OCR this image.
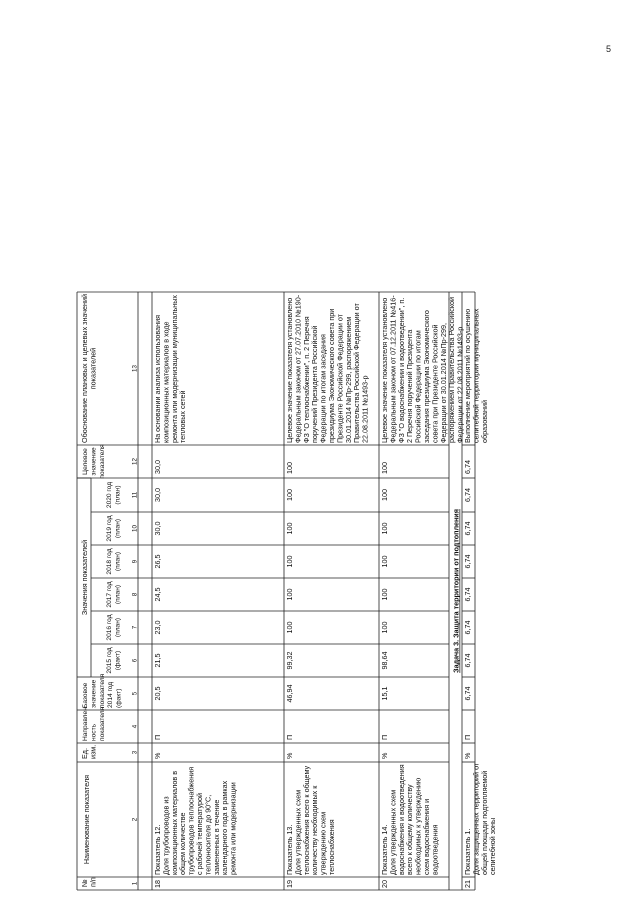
5
№ п/п
Наименование показателя
Ед. изм.
Направлен ность показателя
Базовое значение показателя 2014 год (факт)
Значения показателей
2015 год (факт)
2016 год (план)
2017 год (план)
2018 год (план)
2019 год (план)
2020 год (план)
Целевое значение показателя
Обоснование плановых и целевых значений показателей
1
2
3
4
5
6
7
8
9
10
11
12
13
18
Показатель 12. Доля трубопроводов из композиционных материалов в общем количестве трубопроводов теплоснабжения с рабочей температурой теплоносителя до 90°C, замененных в течение календарного года в рамках ремонта или модернизации
%
П
20,5
21,5
23,0
24,5
26,5
30,0
30,0
30,0
На основании анализа использования композиционных материалов в ходе ремонта или модернизации муниципальных тепловых сетей
19
Показатель 13. Доля утвержденных схем теплоснабжения всего к общему количеству необходимых к утверждению схем теплоснабжения
%
П
46,94
99,32
100
100
100
100
100
100
Целевое значение показателя установлено Федеральным законом от 27.07.2010 №190- ФЗ "О теплоснабжении", п. 2 Перечня поручений Президента Российской Федерации по итогам заседания президиума Экономического совета при Президенте Российской Федерации от 30.01.2014 №Пр-299, распоряжением Правительства Российской Федерации от 22.08.2011 №1493-р
20
Показатель 14. Доля утвержденных схем водоснабжения и водоотведения всего к общему количеству необходимых к утверждению схем водоснабжения и водоотведения
%
П
15,1
98,64
100
100
100
100
100
100
Целевое значение показателя установлено Федеральным законом от 07.12.2011 №416- ФЗ "О водоснабжении и водоотведении", п. 2 Перечня поручений Президента Российской Федерации по итогам заседания президиума Экономического совета при Президенте Российской Федерации от 30.01.2014 №Пр-299, распоряжением Правительства Российской Федерации от 22.08.2011 №1493-р
Задача 3. Защита территории от подтопления
21
Показатель 1. Доля защищенных территорий от общей площади подтопляемой селитебной зоны
%
П
6,74
6,74
6,74
6,74
6,74
6,74
6,74
6,74
Выполнение мероприятий по осушению селитебной территории муниципальных образований
